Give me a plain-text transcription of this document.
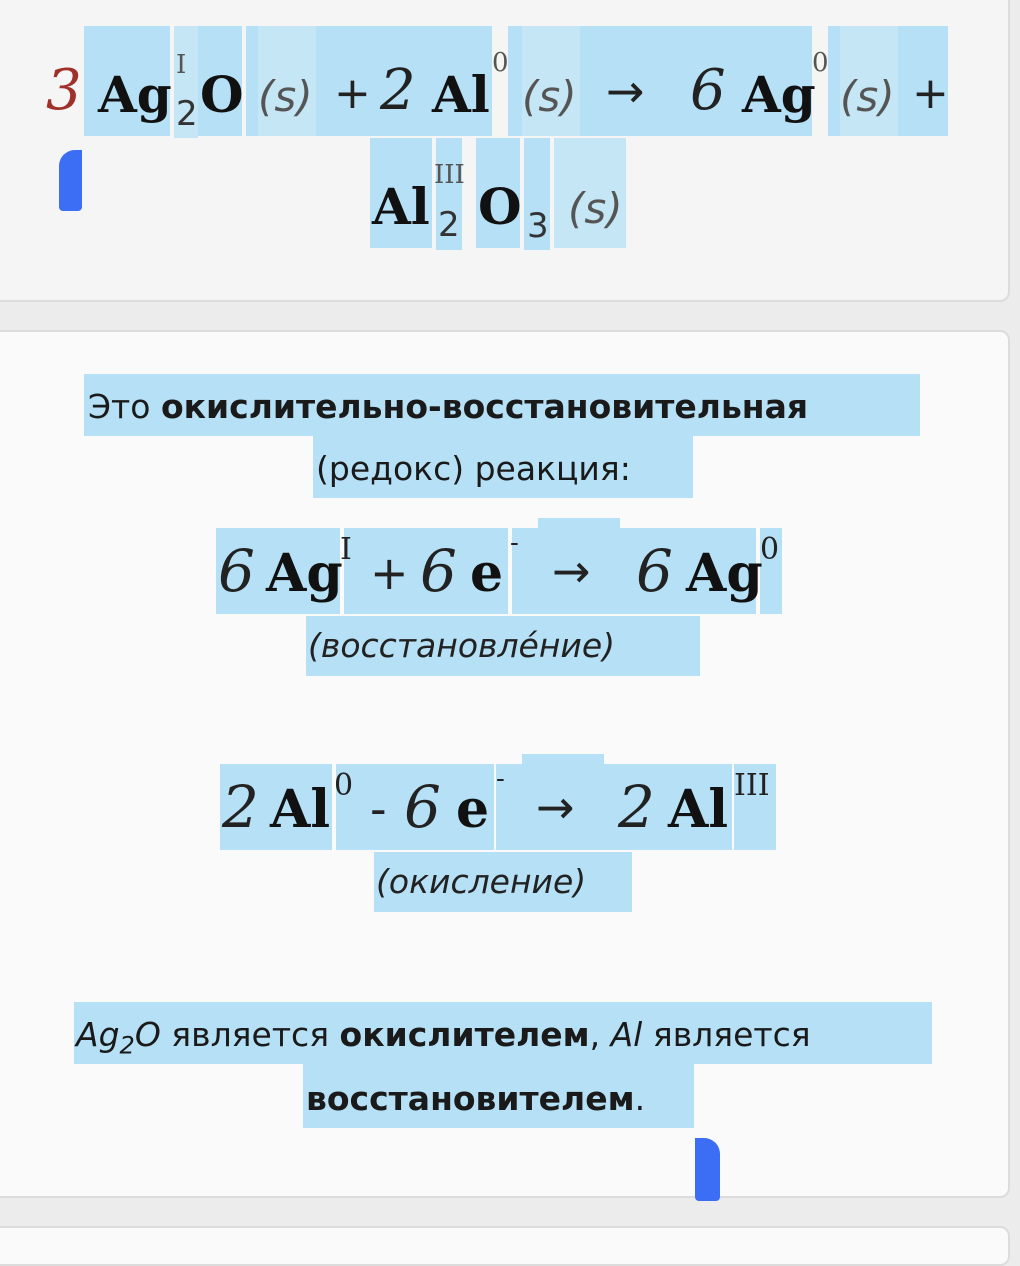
3 Ag I
2 O (s) + 2 Al
0
(s) → 6 Ag
0
(s) +
Al
III
2 O 3 (s)
Это окислительно-восстановительная
(редокс) реакция:
6 Ag
I + 6 e -
→ 6 Ag
0
(восстановле́ние)
2 Al 0 - 6 e -
→ 2 Al III
(окисление)
$Ag_2O$ является окислителем, Al является
восстановителем.
